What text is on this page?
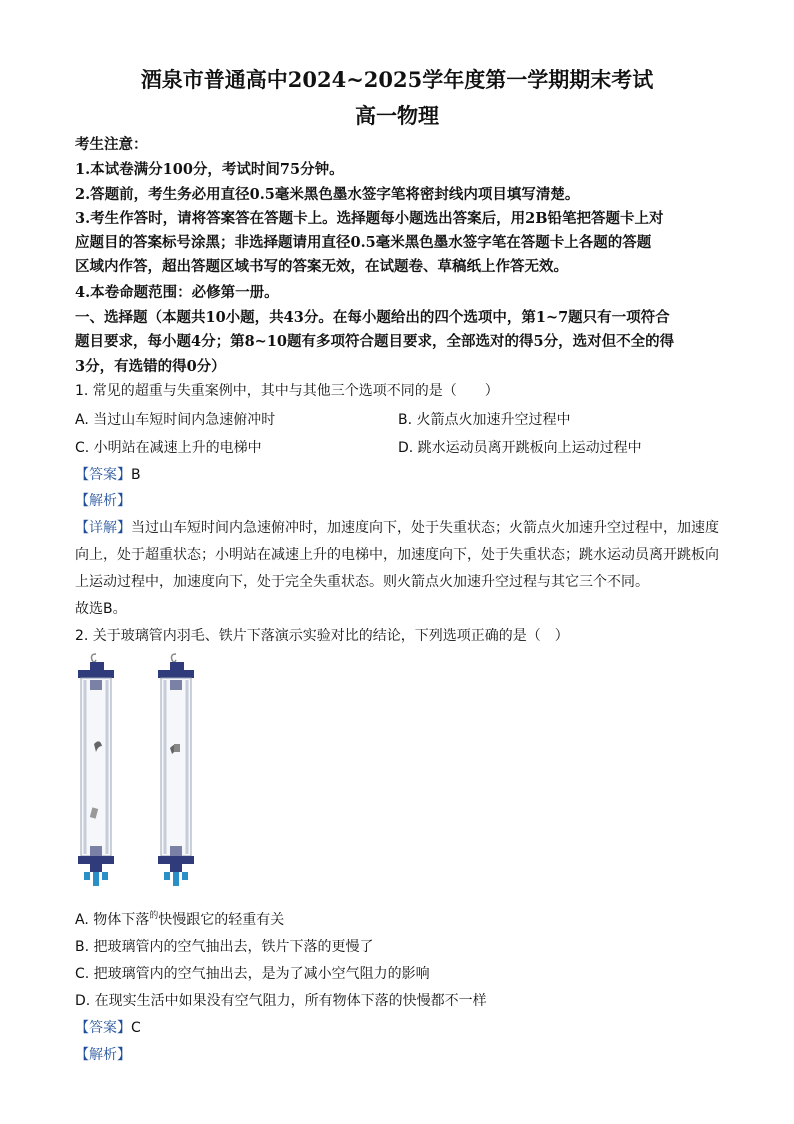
酒泉市普通高中2024~2025学年度第一学期期末考试
高一物理
考生注意：
1.本试卷满分100分，考试时间75分钟。
2.答题前，考生务必用直径0.5毫米黑色墨水签字笔将密封线内项目填写清楚。
3.考生作答时，请将答案答在答题卡上。选择题每小题选出答案后，用2B铅笔把答题卡上对
应题目的答案标号涂黑；非选择题请用直径0.5毫米黑色墨水签字笔在答题卡上各题的答题
区域内作答，超出答题区域书写的答案无效，在试题卷、草稿纸上作答无效。
4.本卷命题范围：必修第一册。
一、选择题（本题共10小题，共43分。在每小题给出的四个选项中，第1~7题只有一项符合
题目要求，每小题4分；第8~10题有多项符合题目要求，全部选对的得5分，选对但不全的得
3分，有选错的得0分）
1. 常见的超重与失重案例中，其中与其他三个选项不同的是（　　）
A. 当过山车短时间内急速俯冲时	B. 火箭点火加速升空过程中
C. 小明站在减速上升的电梯中	D. 跳水运动员离开跳板向上运动过程中
【答案】B
【解析】
【详解】当过山车短时间内急速俯冲时，加速度向下，处于失重状态；火箭点火加速升空过程中，加速度
向上，处于超重状态；小明站在减速上升的电梯中，加速度向下，处于失重状态；跳水运动员离开跳板向
上运动过程中，加速度向下，处于完全失重状态。则火箭点火加速升空过程与其它三个不同。
故选B。
2. 关于玻璃管内羽毛、铁片下落演示实验对比的结论，下列选项正确的是（　）
A. 物体下落$^的$快慢跟它的轻重有关
B. 把玻璃管内的空气抽出去，铁片下落的更慢了
C. 把玻璃管内的空气抽出去，是为了减小空气阻力的影响
D. 在现实生活中如果没有空气阻力，所有物体下落的快慢都不一样
【答案】C
【解析】
